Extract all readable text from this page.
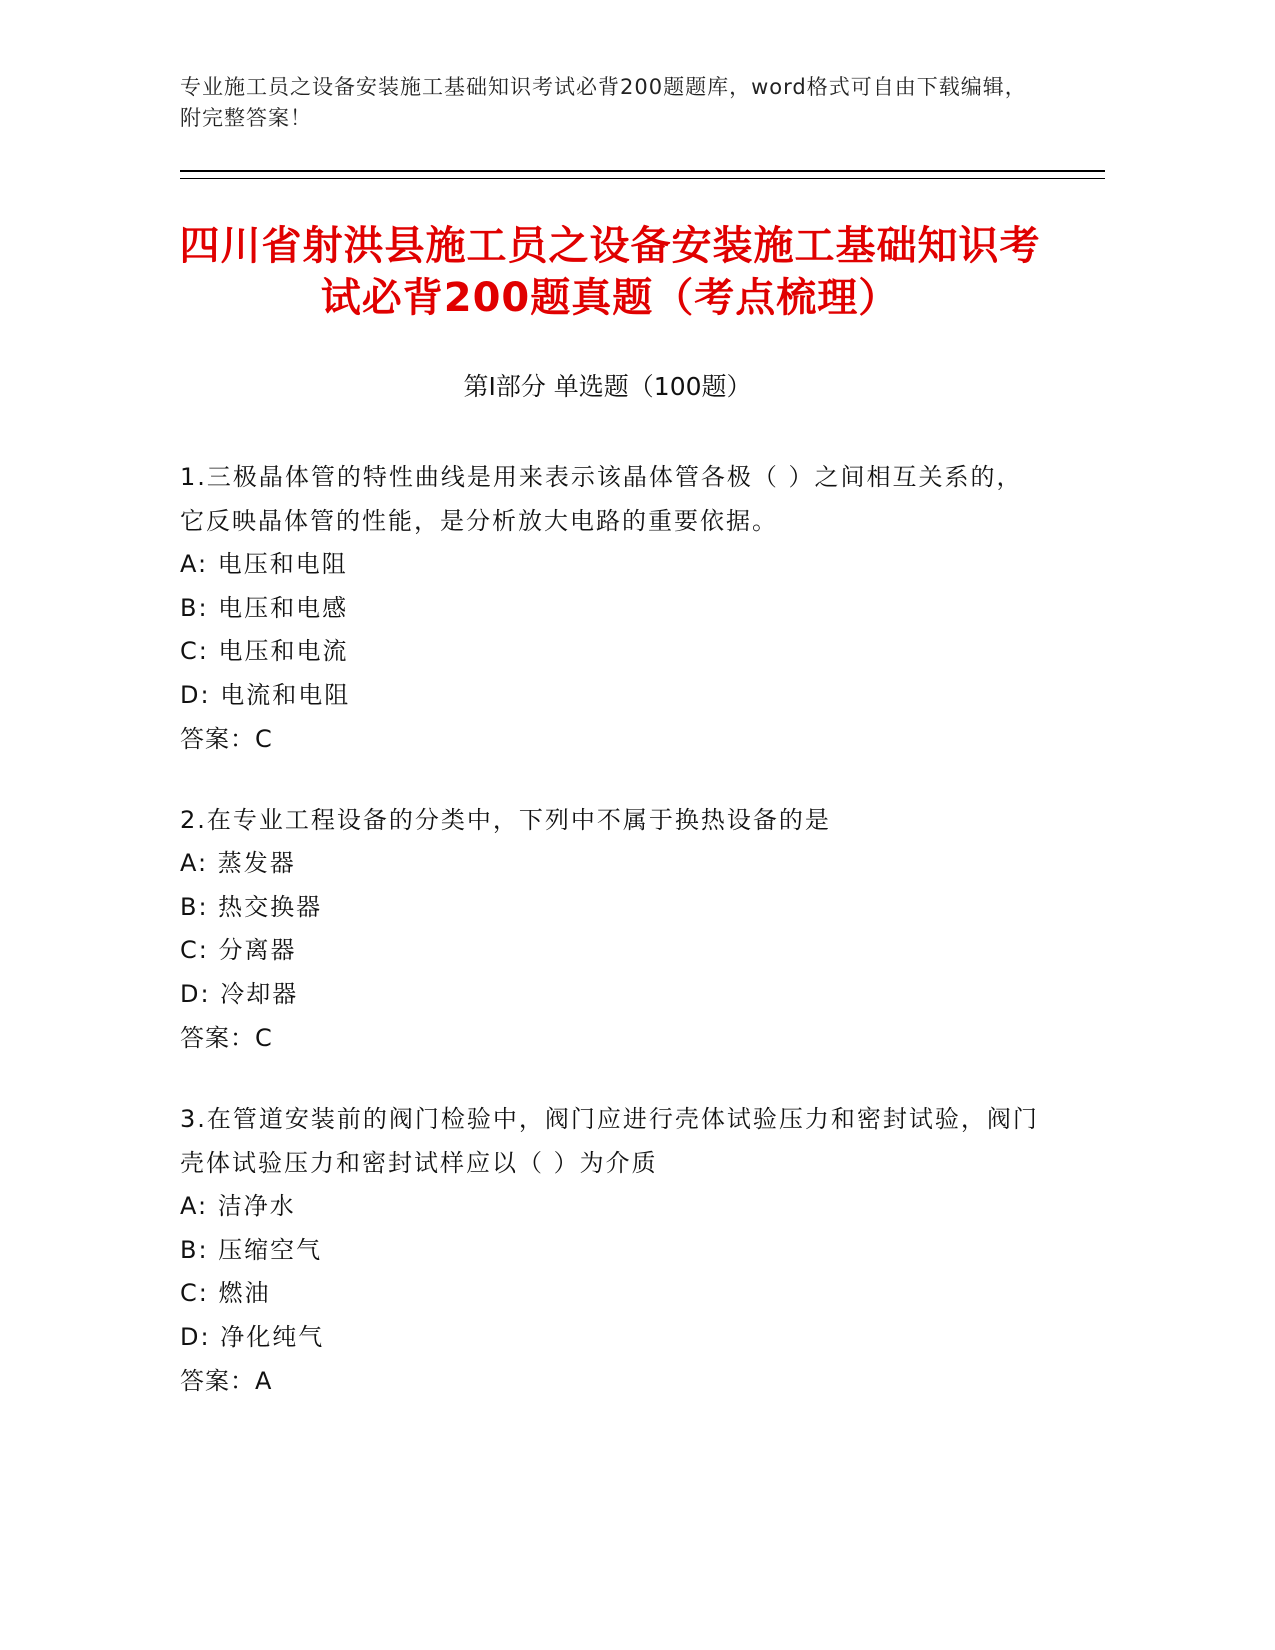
专业施工员之设备安装施工基础知识考试必背200题题库，word格式可自由下载编辑，附完整答案！
四川省射洪县施工员之设备安装施工基础知识考试必背200题真题（考点梳理）
第Ⅰ部分 单选题（100题）

1.三极晶体管的特性曲线是用来表示该晶体管各极（ ）之间相互关系的，它反映晶体管的性能，是分析放大电路的重要依据。

A: 电压和电阻

B: 电压和电感

C: 电压和电流

D: 电流和电阻

答案：C

2.在专业工程设备的分类中，下列中不属于换热设备的是

A: 蒸发器

B: 热交换器

C: 分离器

D: 冷却器

答案：C

3.在管道安装前的阀门检验中，阀门应进行壳体试验压力和密封试验，阀门壳体试验压力和密封试样应以（ ）为介质

A: 洁净水

B: 压缩空气

C: 燃油

D: 净化纯气

答案：A
